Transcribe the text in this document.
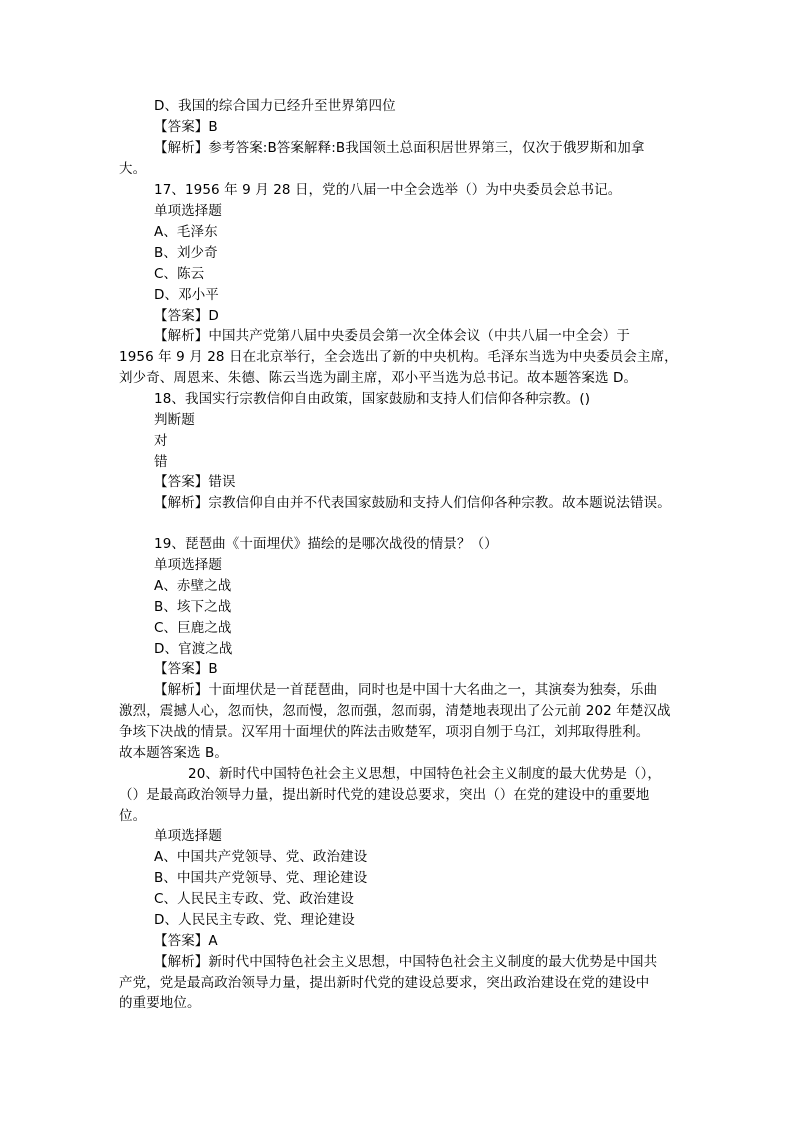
D、我国的综合国力已经升至世界第四位
【答案】B
【解析】参考答案:B答案解释:B我国领土总面积居世界第三，仅次于俄罗斯和加拿
大。
17、1956 年 9 月 28 日，党的八届一中全会选举（）为中央委员会总书记。
单项选择题
A、毛泽东
B、刘少奇
C、陈云
D、邓小平
【答案】D
【解析】中国共产党第八届中央委员会第一次全体会议（中共八届一中全会）于
1956 年 9 月 28 日在北京举行，全会选出了新的中央机构。毛泽东当选为中央委员会主席，
刘少奇、周恩来、朱德、陈云当选为副主席，邓小平当选为总书记。故本题答案选 D。
18、我国实行宗教信仰自由政策，国家鼓励和支持人们信仰各种宗教。()
判断题
对
错
【答案】错误
【解析】宗教信仰自由并不代表国家鼓励和支持人们信仰各种宗教。故本题说法错误。
19、琵琶曲《十面埋伏》描绘的是哪次战役的情景？（）
单项选择题
A、赤壁之战
B、垓下之战
C、巨鹿之战
D、官渡之战
【答案】B
【解析】十面埋伏是一首琵琶曲，同时也是中国十大名曲之一，其演奏为独奏，乐曲
激烈，震撼人心，忽而快，忽而慢，忽而强，忽而弱，清楚地表现出了公元前 202 年楚汉战
争垓下决战的情景。汉军用十面埋伏的阵法击败楚军，项羽自刎于乌江，刘邦取得胜利。
故本题答案选 B。
20、新时代中国特色社会主义思想，中国特色社会主义制度的最大优势是（），
（）是最高政治领导力量，提出新时代党的建设总要求，突出（）在党的建设中的重要地
位。
单项选择题
A、中国共产党领导、党、政治建设
B、中国共产党领导、党、理论建设
C、人民民主专政、党、政治建设
D、人民民主专政、党、理论建设
【答案】A
【解析】新时代中国特色社会主义思想，中国特色社会主义制度的最大优势是中国共
产党，党是最高政治领导力量，提出新时代党的建设总要求，突出政治建设在党的建设中
的重要地位。
